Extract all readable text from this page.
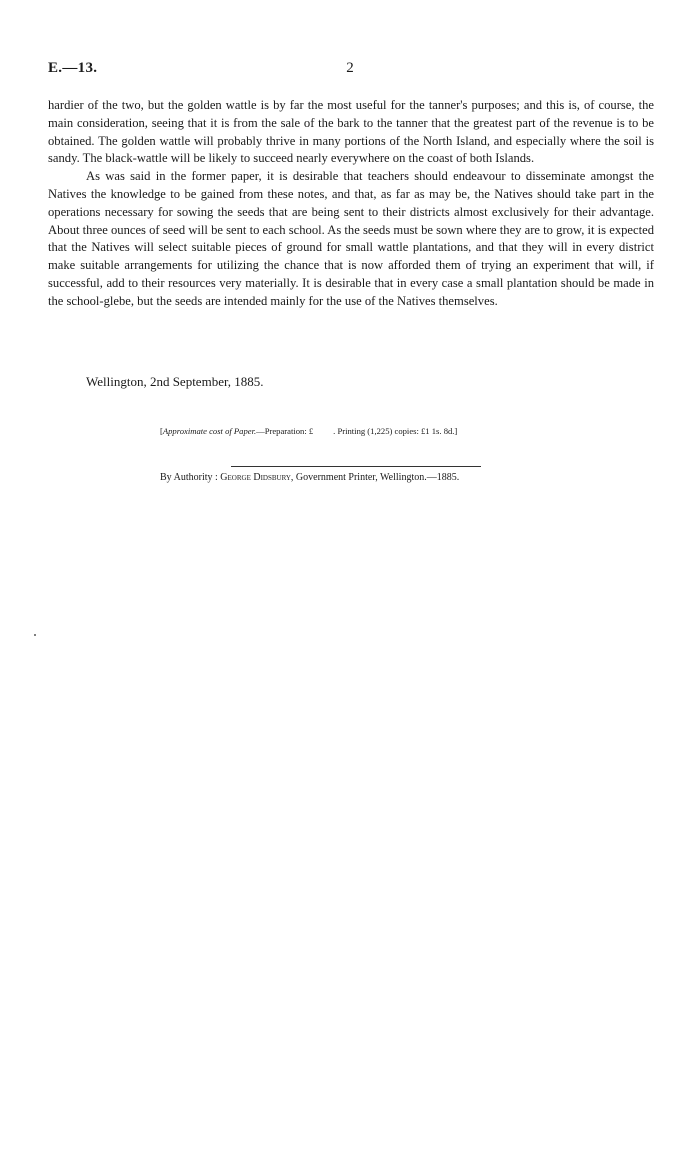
E.—13.	2

hardier of the two, but the golden wattle is by far the most useful for the tanner's purposes; and this is, of course, the main consideration, seeing that it is from the sale of the bark to the tanner that the greatest part of the revenue is to be obtained. The golden wattle will probably thrive in many portions of the North Island, and especially where the soil is sandy. The black-wattle will be likely to succeed nearly everywhere on the coast of both Islands.

As was said in the former paper, it is desirable that teachers should endeavour to disseminate amongst the Natives the knowledge to be gained from these notes, and that, as far as may be, the Natives should take part in the operations necessary for sowing the seeds that are being sent to their districts almost exclusively for their advantage. About three ounces of seed will be sent to each school. As the seeds must be sown where they are to grow, it is expected that the Natives will select suitable pieces of ground for small wattle plantations, and that they will in every district make suitable arrangements for utilizing the chance that is now afforded them of trying an experiment that will, if successful, add to their resources very materially. It is desirable that in every case a small plantation should be made in the school-glebe, but the seeds are intended mainly for the use of the Natives themselves.

Wellington, 2nd September, 1885.
[Approximate cost of Paper.—Preparation: £ . Printing (1,225) copies: £1 1s. 8d.]
By Authority : George Didsbury, Government Printer, Wellington.—1885.
